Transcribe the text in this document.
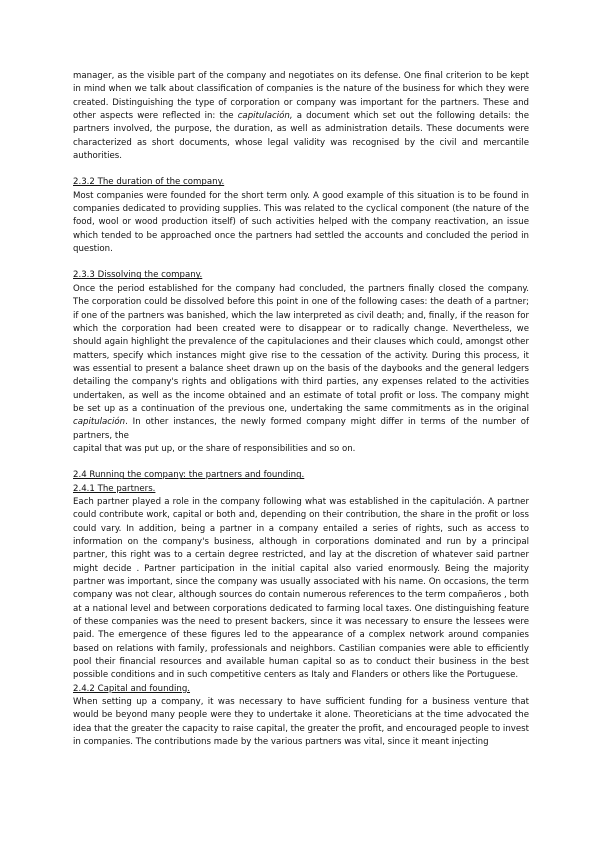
manager, as the visible part of the company and negotiates on its defense. One final criterion to be kept in mind when we talk about classification of companies is the nature of the business for which they were created. Distinguishing the type of corporation or company was important for the partners. These and other aspects were reflected in: the capitulación, a document which set out the following details: the partners involved, the purpose, the duration, as well as administration details. These documents were characterized as short documents, whose legal validity was recognised by the civil and mercantile authorities.

2.3.2 The duration of the company.

Most companies were founded for the short term only. A good example of this situation is to be found in companies dedicated to providing supplies. This was related to the cyclical component (the nature of the food, wool or wood production itself) of such activities helped with the company reactivation, an issue which tended to be approached once the partners had settled the accounts and concluded the period in question.

2.3.3 Dissolving the company.

Once the period established for the company had concluded, the partners finally closed the company. The corporation could be dissolved before this point in one of the following cases: the death of a partner; if one of the partners was banished, which the law interpreted as civil death; and, finally, if the reason for which the corporation had been created were to disappear or to radically change. Nevertheless, we should again highlight the prevalence of the capitulaciones and their clauses which could, amongst other matters, specify which instances might give rise to the cessation of the activity. During this process, it was essential to present a balance sheet drawn up on the basis of the daybooks and the general ledgers detailing the company's rights and obligations with third parties, any expenses related to the activities undertaken, as well as the income obtained and an estimate of total profit or loss. The company might be set up as a continuation of the previous one, undertaking the same commitments as in the original capitulación. In other instances, the newly formed company might differ in terms of the number of partners, the

capital that was put up, or the share of responsibilities and so on.

2.4 Running the company: the partners and founding.

2.4.1 The partners.

Each partner played a role in the company following what was established in the capitulación. A partner could contribute work, capital or both and, depending on their contribution, the share in the profit or loss could vary. In addition, being a partner in a company entailed a series of rights, such as access to information on the company's business, although in corporations dominated and run by a principal partner, this right was to a certain degree restricted, and lay at the discretion of whatever said partner might decide . Partner participation in the initial capital also varied enormously. Being the majority partner was important, since the company was usually associated with his name. On occasions, the term company was not clear, although sources do contain numerous references to the term compañeros , both at a national level and between corporations dedicated to farming local taxes. One distinguishing feature of these companies was the need to present backers, since it was necessary to ensure the lessees were paid. The emergence of these figures led to the appearance of a complex network around companies based on relations with family, professionals and neighbors. Castilian companies were able to efficiently pool their financial resources and available human capital so as to conduct their business in the best possible conditions and in such competitive centers as Italy and Flanders or others like the Portuguese.

2.4.2 Capital and founding.

When setting up a company, it was necessary to have sufficient funding for a business venture that would be beyond many people were they to undertake it alone. Theoreticians at the time advocated the idea that the greater the capacity to raise capital, the greater the profit, and encouraged people to invest in companies. The contributions made by the various partners was vital, since it meant injecting
